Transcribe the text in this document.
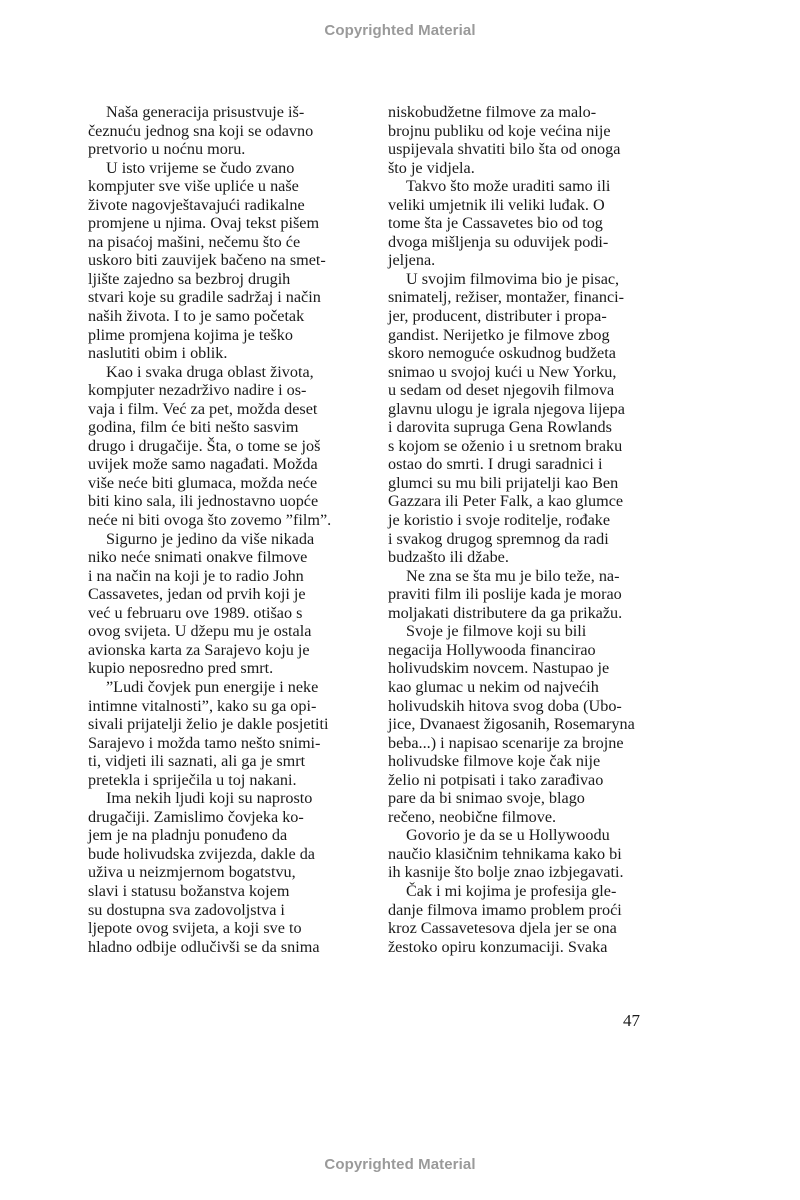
Copyrighted Material
Naša generacija prisustvuje iš-
čeznuću jednog sna koji se odavno
pretvorio u noćnu moru.
U isto vrijeme se čudo zvano
kompjuter sve više upliće u naše
živote nagovještavajući radikalne
promjene u njima. Ovaj tekst pišem
na pisaćoj mašini, nečemu što će
uskoro biti zauvijek bačeno na smet-
lјište zajedno sa bezbroj drugih
stvari koje su gradile sadržaj i način
naših života. I to je samo početak
plime promjena kojima je teško
naslutiti obim i oblik.
Kao i svaka druga oblast života,
kompjuter nezadrživo nadire i os-
vaja i film. Već za pet, možda deset
godina, film će biti nešto sasvim
drugo i drugačije. Šta, o tome se još
uvijek može samo nagađati. Možda
više neće biti glumaca, možda neće
biti kino sala, ili jednostavno uopće
neće ni biti ovoga što zovemo ”film”.
Sigurno je jedino da više nikada
niko neće snimati onakve filmove
i na način na koji je to radio John
Cassavetes, jedan od prvih koji je
već u februaru ove 1989. otišao s
ovog svijeta. U džepu mu je ostala
avionska karta za Sarajevo koju je
kupio neposredno pred smrt.
”Ludi čovjek pun energije i neke
intimne vitalnosti”, kako su ga opi-
sivali prijatelji želio je dakle posjetiti
Sarajevo i možda tamo nešto snimi-
ti, vidjeti ili saznati, ali ga je smrt
pretekla i spriječila u toj nakani.
Ima nekih ljudi koji su naprosto
drugačiji. Zamislimo čovjeka ko-
jem je na pladnju ponuđeno da
bude holivudska zvijezda, dakle da
uživa u neizmjernom bogatstvu,
slavi i statusu božanstva kojem
su dostupna sva zadovoljstva i
ljepote ovog svijeta, a koji sve to
hladno odbije odlučivši se da snima
niskobudžetne filmove za malo-
brojnu publiku od koje većina nije
uspijevala shvatiti bilo šta od onoga
što je vidjela.
Takvo što može uraditi samo ili
veliki umjetnik ili veliki luđak. O
tome šta je Cassavetes bio od tog
dvoga mišljenja su oduvijek podi-
jeljena.
U svojim filmovima bio je pisac,
snimatelj, režiser, montažer, financi-
jer, producent, distributer i propa-
gandist. Nerijetko je filmove zbog
skoro nemoguće oskudnog budžeta
snimao u svojoj kući u New Yorku,
u sedam od deset njegovih filmova
glavnu ulogu je igrala njegova lijepa
i darovita supruga Gena Rowlands
s kojom se oženio i u sretnom braku
ostao do smrti. I drugi saradnici i
glumci su mu bili prijatelji kao Ben
Gazzara ili Peter Falk, a kao glumce
je koristio i svoje roditelje, rođake
i svakog drugog spremnog da radi
budzašto ili džabe.
Ne zna se šta mu je bilo teže, na-
praviti film ili poslije kada je morao
moljakati distributere da ga prikažu.
Svoje je filmove koji su bili
negacija Hollywooda financirao
holivudskim novcem. Nastupao je
kao glumac u nekim od najvećih
holivudskih hitova svog doba (Ubo-
jice, Dvanaest žigosanih, Rosemaryna
beba...) i napisao scenarije za brojne
holivudske filmove koje čak nije
želio ni potpisati i tako zarađivao
pare da bi snimao svoje, blago
rečeno, neobične filmove.
Govorio je da se u Hollywoodu
naučio klasičnim tehnikama kako bi
ih kasnije što bolje znao izbjegavati.
Čak i mi kojima je profesija gle-
danje filmova imamo problem proći
kroz Cassavetesova djela jer se ona
žestoko opiru konzumaciji. Svaka
47
Copyrighted Material
